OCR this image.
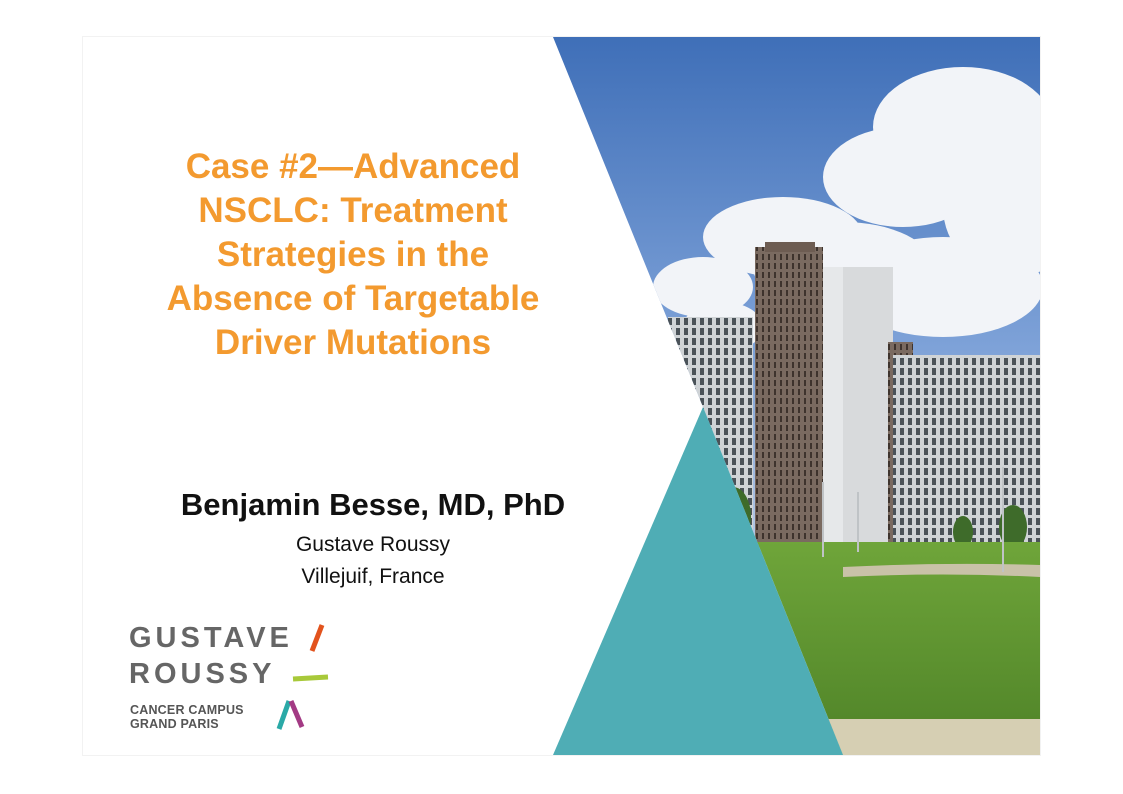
Case #2—Advanced
NSCLC: Treatment
Strategies in the
Absence of Targetable
Driver Mutations

Benjamin Besse, MD, PhD

Gustave Roussy

Villejuif, France

GUSTAVE

ROUSSY

CANCER CAMPUS

GRAND PARIS
